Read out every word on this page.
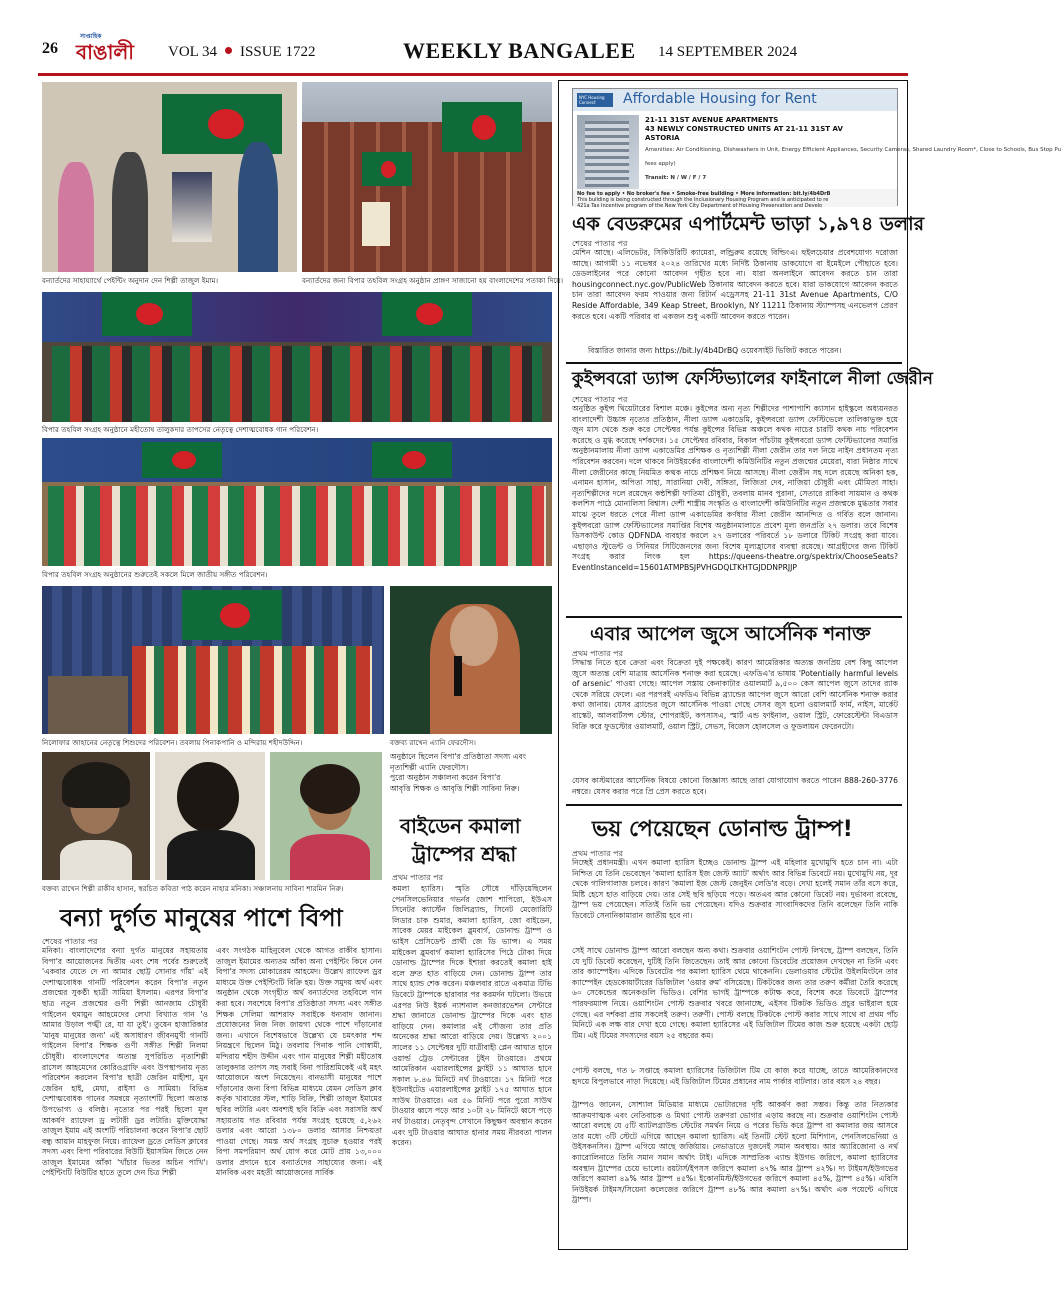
26
সাপ্তাহিক
বাঙালী VOL 34 ISSUE 1722	WEEKLY BANGALEE 14 SEPTEMBER 2024
বন্যার্তদের সাহায্যার্থে পেইন্টিং অনুদান দেন শিল্পী তাজুল ইমাম।	বন্যার্তদের জন্য বিপার তহবিল সংগ্রহ অনুষ্ঠান প্রাঙ্গণ সাজানো হয় বাংলাদেশের পতাকা দিয়ে।
বিপার তহবিল সংগ্রহ অনুষ্ঠানে মহীতোষ তালুকদার তাপসের নেতৃত্বে দেশাত্মবোধক গান পরিবেশন।
বিপার তহবিল সংগ্রহ অনুষ্ঠানের শুরুতেই সকলে মিলে জাতীয় সঙ্গীত পরিবেশন।
নিলোফার জাহানের নেতৃত্বে শিশুদের পরিবেশন। তবলায় পিনাকপানি ও মন্দিরায় শহীদউদ্দিন।	বক্তব্য রাখেন এ্যানি ফেরদৌস।
বক্তব্য রাখেন শিল্পী রাকীব হাসান, স্বরচিত কবিতা পাঠ করেন নাহার মনিকা। সঞ্চালনায় সাবিনা শারমিন নিরু।
অনুষ্ঠানে ছিলেন বিপা'র প্রতিষ্ঠাতা সদস্য এবং
নৃত্যশিল্পী এ্যানি ফেরদৌস।
পুরো অনুষ্ঠান সঞ্চালনা করেন বিপা'র
আবৃত্তি শিক্ষক ও আবৃত্তি শিল্পী সাবিনা নিরু।
বাইডেন কমালা
ট্রাম্পের শ্রদ্ধা
প্রথম পাতার পর
কমলা হ্যারিস। স্মৃতি সৌধে দাঁড়িয়েছিলেন পেনসিলভেনিয়ার গভর্নর জোশ শাপিরো, ইউএস সিনেটর ক্যার্স্টেন জিলিব্র্যান্ড, সিনেট মেজোরিটি লিডার চাক শুমার, কমালা হ্যারিস, জো বাইডেন, সাবেক মেয়র মাইকেল ব্লুমবার্গ, ডোনাল্ড ট্রাম্প ও ভাইস প্রেসিডেন্ট প্রার্থী জে ডি ভ্যান্স। এ সময় মাইকেল ব্লুমবার্গ কমালা হ্যারিসের পিঠে টোকা দিয়ে ডোনাল্ড ট্রাম্পের দিকে ইশারা করতেই কমালা হাই বলে দ্রুত হাত বাড়িয়ে দেন। ডোনাল্ড ট্রাম্প তার সাথে হ্যান্ড শেক করেন। মঞ্চলবার রাতে একমাত্র টিভি ডিবেটে ট্রাম্পকে হারাবার পর করমর্দন ঘটলো। উভয়ে এরপর নিউ ইয়র্ক ন্যাশনাল কনজারভেশন সেন্টারে শ্রদ্ধা জানাতে ডোনাল্ড ট্রাম্পের দিকে এবং হাত বাড়িয়ে দেন। কমালার এই সৌজন্য তার প্রতি অনেকের শ্রদ্ধা আরো বাড়িয়ে দেয়। উল্লেখ্য ২০০১ সালের ১১ সেপ্টেম্বর দুটি যাত্রীবাহী প্লেন আঘাত হানে ওয়ার্ল্ড ট্রেড সেন্টারের টুইন টাওয়ারে। প্রথমে আমেরিকান এয়ারলাইন্সের ফ্লাইট ১১ আঘাত হানে সকাল ৮.৪৬ মিনিটে নর্থ টাওয়ারে। ১৭ মিনিট পরে ইউনাইটেড এয়ারলাইন্সের ফ্লাইট ১৭৫ আঘাত হানে সাউথ টাওয়ারে। এর ৫৬ মিনিট পরে পুরো সাউথ টাওয়ার ধ্বসে পড়ে আর ১০টা ২৮ মিনিটে ধ্বসে পড়ে নর্থ টাওয়ার। নেতৃবৃন্দ সেখানে কিছুক্ষণ অবস্থান করেন এবং দুটি টাওয়ার আঘাত হানার সময় নীরবতা পালন করেন।
বন্যা দুর্গত মানুষের পাশে বিপা
শেষের পাতার পর
মনিকা। বাংলাদেশের বন্যা দুর্গত মানুষের সহায়তায় বিপা'র আয়োজনের দ্বিতীয় এবং শেষ পর্বের শুরুতেই 'একবার যেতে দে না আমার ছোট্ট সোনার গাঁয়' এই দেশাত্মবোধক গানটি পরিবেশন করেন বিপা'র নতুন প্রজন্মের সুকণ্ঠী ছাত্রী সামিয়া ইসলাম। এরপর বিপা'র ছাত্র নতুন প্রজন্মের গুণী শিল্পী আনজাম চৌধুরী গাইলেন হুমায়ুন আহমেদের লেখা বিখ্যাত গান 'ও আমার উড়াল পঙ্খী রে, যা যা তুই'। তুষেন হাজারিকার 'মানুষ মানুষের জন্য' এই অসাধারণ জীবনমুখী গানটি গাইলেন বিপা'র শিক্ষক গুণী সঙ্গীত শিল্পী নিলমা চৌধুরী। বাংলাদেশের অত্যন্ত সুপরিচিত নৃত্যশিল্পী রাসেল আহমেদের কোরিওগ্রাফি এবং উপস্থাপনায় নৃত্য পরিবেশন করলেন বিপা'র ছাত্রী জেরিন মাহীশা, মুন জেরিন হাই, মেঘা, রাইসা ও সামিয়া। বিভিন্ন দেশাত্মবোধক গানের সমন্বয়ে নৃত্যাংশটি ছিলো অত্যন্ত উপভোগ্য ও বলিষ্ঠ। নৃত্যের পর পরই ছিলো মূল আকর্ষণ র‍্যাফেল ড্র লটারী ড্রর লটারি। মুক্তিযোদ্ধা তাজুল ইমাম এই অংশটি পরিচালনা করেন বিপা'র ছোট বন্ধু আয়ান মাহফুজ নিয়ে। র‍্যাফেল ড্রতে লেডিস ক্লাবের সদস্য এবং বিপা পরিবারের বিউটি ইয়াসমিন জিতে নেন তাজুল ইমামের আঁকা 'খাঁচার ভিতর অচিন পাখি'। পেইন্টিংটি বিউটির হাতে তুলে দেন চিত্র শিল্পী
এবং সংগঠক মাহিনুবেল থেকে আগত রাকীব হাসান। তাজুল ইমামের অন্যতম আঁকা অন্য পেইন্টিং কিনে নেন বিপা'র সদস্য মোকারেরম আহমেদ। উল্লেখ র‍্যাফেল ড্রর মাধ্যমে উক্ত পেইন্টিংটি বিক্রি হয়। উক্ত সমুদয় অর্থ এবং অনুষ্ঠান থেকে সংগৃহীত অর্থ বন্যার্তদের তহবিলে দান করা হবে। সবশেষে বিপা'র প্রতিষ্ঠাতা সদস্য এবং সঙ্গীত শিক্ষক সেলিমা আশরাফ সবাইকে ধন্যবাদ জানান। প্রযোজনের নিজ নিজ জায়গা থেকে পাশে দাঁড়ানোর জন্য। এখানে বিশেষভাবে উল্লেখ্য যে চমৎকার শব্দ নিয়ন্ত্রণে ছিলেন মিঠু। তবলায় পিনাক পানি গোস্বামী, মন্দিরায় শহীদ উদ্দীন এবং গান মানুষের শিল্পী মহীতোষ তালুকদার তাপস সহ সবাই বিনা পারিশ্রমিকেই এই মহৎ আয়োজনে অংশ নিয়েছেন। বানভাসী মানুষের পাশে দাঁড়ানোর জন্য বিপা বিভিন্ন মাধ্যমে যেমন লেডিস ক্লাব কর্তৃক খাবারের স্টল, শাড়ি বিক্রি, শিল্পী তাজুল ইমামের ছবির লটারি এবং অবশ্যই ছবি বিক্রি এবং সরাসরি অর্থ সহায়তায় গত রবিবার পর্যন্ত সংগ্রহ হয়েছে ৫,২৬২ ডলার এবং আরো ১৩৮০ ডলার আসার নিশ্চয়তা পাওয়া গেছে। সমস্ত অর্থ সংগ্রহ সুচারু হওয়ার পরই বিপা সমপরিমাণ অর্থ যোগ করে মোট প্রায় ১৩,০০০ ডলার প্রদানে হবে বন্যার্তদের সাহায্যের জন্য। এই মানবিক এবং মহতী আয়োজনের সার্বিক
NYC Housing Connect	Affordable Housing for Rent
21-11 31ST AVENUE APARTMENTS
43 NEWLY CONSTRUCTED UNITS AT 21-11 31ST AV
ASTORIA
Amenities: Air Conditioning, Dishwashers in Unit, Energy Efficient Appliances, Security Cameras, Shared Laundry Room*, Close to Schools, Bus Stop Pu
fees apply)
Transit: N / W / F / 7
No fee to apply • No broker's fee • Smoke-free building • More information: bit.ly/4b4DrB
This building is being constructed through the Inclusionary Housing Program and is anticipated to re
421a Tax Incentive program of the New York City Department of Housing Preservation and Develo
এক বেডরুমের এপার্টমেন্ট ভাড়া ১,৯৭৪ ডলার
শেষের পাতার পর
মেশিন আছে। এলিভেটর, সিকিউরিটি ক্যামেরা, লন্ড্রিরুম রয়েছে বিল্ডিংএ। হুইলচেয়ার প্রবেশযোগ্য দরোজা আছে। আগামী ১১ নভেম্বর ২০২৪ তারিখের মধ্যে নির্দিষ্ট ঠিকানায় ডাকযোগে বা ইমেইলে পৌছাতে হবে। ডেডলাইনের পরে কোনো আবেদন গৃহীত হবে না। যারা অনলাইনে আবেদন করতে চান তারা housingconnect.nyc.gov/PublicWeb ঠিকানায় আবেদন করতে হবে। যারা ডাকযোগে আবেদন করতে চান তারা আবেদন ফরম পাওয়ার জন্য রিটার্ন এড্রেসসহ 21-11 31st Avenue Apartments, C/O Reside Affordable, 349 Keap Street, Brooklyn, NY 11211 ঠিকানায় স্ট্যাম্পসহ এনভেলপ প্রেরণ করতে হবে। একটি পরিবার বা একজন শুধু একটি আবেদন করতে পারেন।
বিস্তারিত জানার জন্য https://bit.ly/4b4DrBQ ওয়েবসাইট ভিজিট করতে পারেন।
কুইন্সবরো ড্যান্স ফেস্টিভ্যালের ফাইনালে নীলা জেরীন
শেষের পাতার পর
অনুষ্ঠিত কুইন্স থিয়েটারের বিশাল মঞ্চে। কুইন্সের অন্য নৃত্য শিল্পীদের পাশাপাশি ক্যাসান হাইস্কুলে অধ্যয়নরত বাংলাদেশী উচ্চাঙ্গ নৃত্যের প্রতিষ্ঠান, নীলা ড্যান্স একাডেমি, কুইন্সবরো ড্যান্স ফেস্টিভেলে তালিকাভুক্ত হয়ে জুন মাস থেকে শুরু করে সেপ্টেম্বর পর্যন্ত কুইন্সের বিভিন্ন অঞ্চলে কথক নাচের চারটি কথক নাচ পরিবেশন করেছে ও মুগ্ধ করেছে দর্শকদের। ১৫ সেপ্টেম্বর রবিবার, বিকাল পাঁচটায় কুইন্সবরো ড্যান্স ফেস্টিভ্যালের সমাপ্তি অনুষ্ঠানমালায় নীলা ড্যান্স একাডেমির প্রশিক্ষক ও নৃত্যশিল্পী নীলা জেরীন তার দল নিয়ে নাইন প্রধানতম নৃত্য পরিবেশন করবেন। দলে থাকবে নিউইয়র্কের বাংলাদেশী কমিউনিটির নতুন প্রজন্মের মেয়েরা, যারা নিষ্ঠার সাথে নীলা জেরীনের কাছে নিয়মিত কত্থক নাচে প্রশিক্ষণ নিয়ে আসছে। নীলা জেরীন সহ দলে রয়েছে অনিকা হক, এনামন হাসান, অপিতা সাহা, সারানিয়া দেবী, সঙ্গিতা, লিজিতা দেব, নাজিয়া চৌধুরী এবং মৌমিতা সাহা। নৃত্যশিল্পীদের দলে রয়েছেন কন্ঠশিল্পী ফাতিমা চৌধুরী, তবলায় মানব পুরানা, সেতারে রাকিবা সায়মান ও কথক কলশিস পাঠে মোনালিসা বিশ্বাস। দেশী শাস্ত্রীয় সংস্কৃতি ও বাংলাদেশী কমিউনিটির নতুন প্রজন্মকে মুগ্ধতার সবার মাঝে তুলে ধরতে পেরে নীলা ড্যান্স একাডেমির কর্ণধার নীলা জেরীন আনন্দিত ও গর্বিত বলে জানান। কুইন্সবরো ড্যান্স ফেস্টিভ্যালের সমাপ্তির বিশেষ অনুষ্ঠানমালাতে প্রবেশ মূল্য জনপ্রতি ২৭ ডলার। তবে বিশেষ ডিসকাউন্ট কোড QDFNDA ব্যবহার করলে ২৭ ডলারের পরিবর্তে ১৮ ডলারে টিকিট সংগ্রহ করা যাবে। এছাড়াও স্টুডেন্ট ও সিনিয়র সিটিজেনদের জন্য বিশেষ মূল্যহ্রাসের ব্যবস্থা রয়েছে। আগ্রহীদের জন্য টিকিট সংগ্রহ করার লিংক হল https://queens-theatre.org/spektrix/ChooseSeats?EventInstanceId=15601ATMPBSJPVHGDQLTKHTGJDDNPRJJP
এবার আপেল জুসে আর্সেনিক শনাক্ত
প্রথম পাতার পর
সিদ্ধান্ত নিতে হবে ক্রেতা এবং বিক্রেতা দুই পক্ষকেই। কারণ আমেরিকার অত্যন্ত জনপ্রিয় বেশ কিছু আপেল জুসে অত্যন্ত বেশি মাত্রায় আর্সেনিক শনাক্ত করা হয়েছে। এফডিএ'র ভাষায় 'Potentially harmful levels of arsenic' পাওয়া গেছে। আপেল সস্তায় কেনাকাটার ওয়ালমার্ট ৯,৫০০ কেস আপেল জুসে তাদের র‍্যাক থেকে সরিয়ে ফেলে। এর পরপরই এফডিএ বিভিন্ন ব্র্যান্ডের আপেল জুসে আরো বেশি আর্সেনিক শনাক্ত করার কথা জানায়। যেসব ব্র্যান্ডের জুসে আর্সেনিক পাওয়া গেছে সেসব জুস হলো ওয়ালমার্ট ফার্ম, নাইস, মার্কেট বাস্কেট, আলবার্টসন্স স্টোর, শোপরাইট, কপসাসএ, স্মার্ট এন্ড ফাইনাল, ওয়াল স্ট্রিট, ফোরেস্টেন্টা বিএডাস বিক্রি করে ফুডস্টোর ওয়ালমার্ট, ওয়াল স্ট্রিট, সেভস, বিজেস হোলসেল ও ফুডলায়ন ফেরেনটো।
যেসব কাস্টমারের আর্সেনিক বিষয়ে কোনো জিজ্ঞাস্য আছে তারা যোগাযোগ করতে পারেন 888-260-3776 নম্বরে। যেসব করার পরে প্রি প্রেস করতে হবে।
ভয় পেয়েছেন ডোনাল্ড ট্রাম্প!
প্রথম পাতার পর
নিচ্ছেই প্রধানমন্ত্রী। এখন কমালা হ্যারিস ইচ্ছেও ডোনাল্ড ট্রাম্প এই মহিলার মুখোমুখি হতে চান না। এটা নিশ্চিত যে তিনি ভেবেছেন 'কমালা হ্যারিস ইজ জেস্ট অ্যাট' অর্থাৎ আর বিভিন্ন ডিবেটে নয়। মুখোমুখি নয়, দূর থেকে গালিগালাজ চলবে। কারণ 'কমালা ইজ জেস্ট জেনুইন লেডি'র বড়ে। দেখা হলেই সমান তাঁর বসে করে, মিষ্টি হেসে হাত বাড়িয়ে দেয়। তার সেই ছবি ছড়িয়ে পড়ে। অতএব আর কোনো ডিবেট নয়। দুর্ভাবনা রবেছে, ট্রাম্প ভয় পেয়েছেন। সত্যিই তিনি ভয় পেয়েছেন। যদিও শুক্রবার সাংবাদিকদের তিনি বলেছেন তিনি নাকি ডিবেটে সেনানিকামারান জাতীয় হবে না।
সেই সাথে ডোনাল্ড ট্রাম্প আরো বলছেন অন্য কথা। শুক্রবার ওয়াশিংটন পোস্ট লিখছে, ট্রাম্প বলছেন, তিনি যে দুটি ডিবেট করেছেন, দুটিই তিনি জিতেছেন। তাই আর কোনো ডিবেটের প্রয়োজন দেখছেন না তিনি এবং তার ক্যাম্পেইন। এদিকে ডিবেটের পর কমালা হ্যারিস থেমে থাকেননি। ডেলাওয়ার স্টেটের উইলমিংটনে তার ক্যাম্পেইন হেডকোয়ার্টারের ডিজিটাল 'ওয়ার রুম' বসিয়েছে। টিকটকের জন্য তার তরুণ কর্মীরা তৈরি করেছে ৬০ সেকেন্ডের অনেকগুলি ভিডিও। বেশির ভাগই ট্রাম্পকে কটাক্ষ করে, বিশেষ করে ডিবেটে ট্রাম্পের পারফরম্যান্স নিয়ে। ওয়াশিংটন পোস্ট শুক্রবার খবরে জানাচ্ছে, এইসব টিকটক ভিডিও প্রচুর ভাইরাল হয়ে গেছে। এর দর্শকরা প্রায় সকলেই তরুণ। তরুণী। পোস্ট বলছে টিকটকে পোস্ট করার সাথে সাথে বা প্রথম পাঁচ মিনিটে এক লক্ষ বার দেখা হয়ে গেছে। কমালা হ্যারিসের এই ডিজিটাল টিমের কাজ শুরু হয়েছে একটা ছোট্ট টিম। এই টিমের সদস্যদের বয়স ২৫ বছরের কম।
পোস্ট বলছে, গত ৮ সপ্তাহে কমালা হ্যারিসের ডিজিটাল টিম যে কাজ করে যাচ্ছে, তাতে আমেরিকানদের হৃদয়ে বিপুলভাবে নাড়া দিয়েছে। এই ডিজিটাল টিমের প্রধানের নাম পার্কার বাটলার। তার বয়স ২৪ বছর।
ট্রাম্পও জানেন, সোশ্যাল মিডিয়ার মাধ্যমে ভোটারদের দৃষ্টি আকর্ষণ করা সম্ভব। কিন্তু তার নিত্যকার আক্রমণাত্মক এবং নেতিবাচক ও মিথ্যা পোস্ট তরুণরা ভোগার এড়ায় করছে না। শুক্রবার ওয়াশিংটন পোস্ট আরো বলছে যে ৫টি ব্যাটলগ্রাউন্ড স্টেটের সমর্থন নিয়ে ও পরের ভিডি করে ট্রাম্প বা কমালার জয় আসবে তার মধ্যে ৩টি স্টেটে এগিয়ে আছেন কমালা হ্যারিস। এই তিনটি স্টেট হলো মিশিগান, পেনসিলভেনিয়া ও উইসকনসিন। ট্রাম্প এগিয়ে আছে জর্জিয়ায়। নেভাডাতে দুজনেই সমান অবস্থায়। আর অ্যারিজোনা ও নর্থ ক্যারোলিনাতে তিনি সমান সমান অর্থাৎ টাই। এদিকে সাম্প্রতিক এ্যান্ড ইউগভ জরিপে, কমালা হ্যারিসের অবস্থান ট্রাম্পের চেয়ে ভালো। রয়টার্স/ইপসস জরিপে কমালা ৪৭% আর ট্রাম্প ৪২%। দ্য টাইমস/ইউগভের জরিপে কমালা ৪৯% আর ট্রাম্প ৪৫%। ইকোনমিস্ট/ইউগভের জরিপে কমালা ৪৫%, ট্রাম্প ৪৫%। এবিসি নিউইয়র্ক টাইমস/সিয়েনা কলেজের জরিপে ট্রাম্প ৪৮% আর কমালা ৪৭%। অর্থাৎ এক পয়েন্টে এগিয়ে ট্রাম্প।
